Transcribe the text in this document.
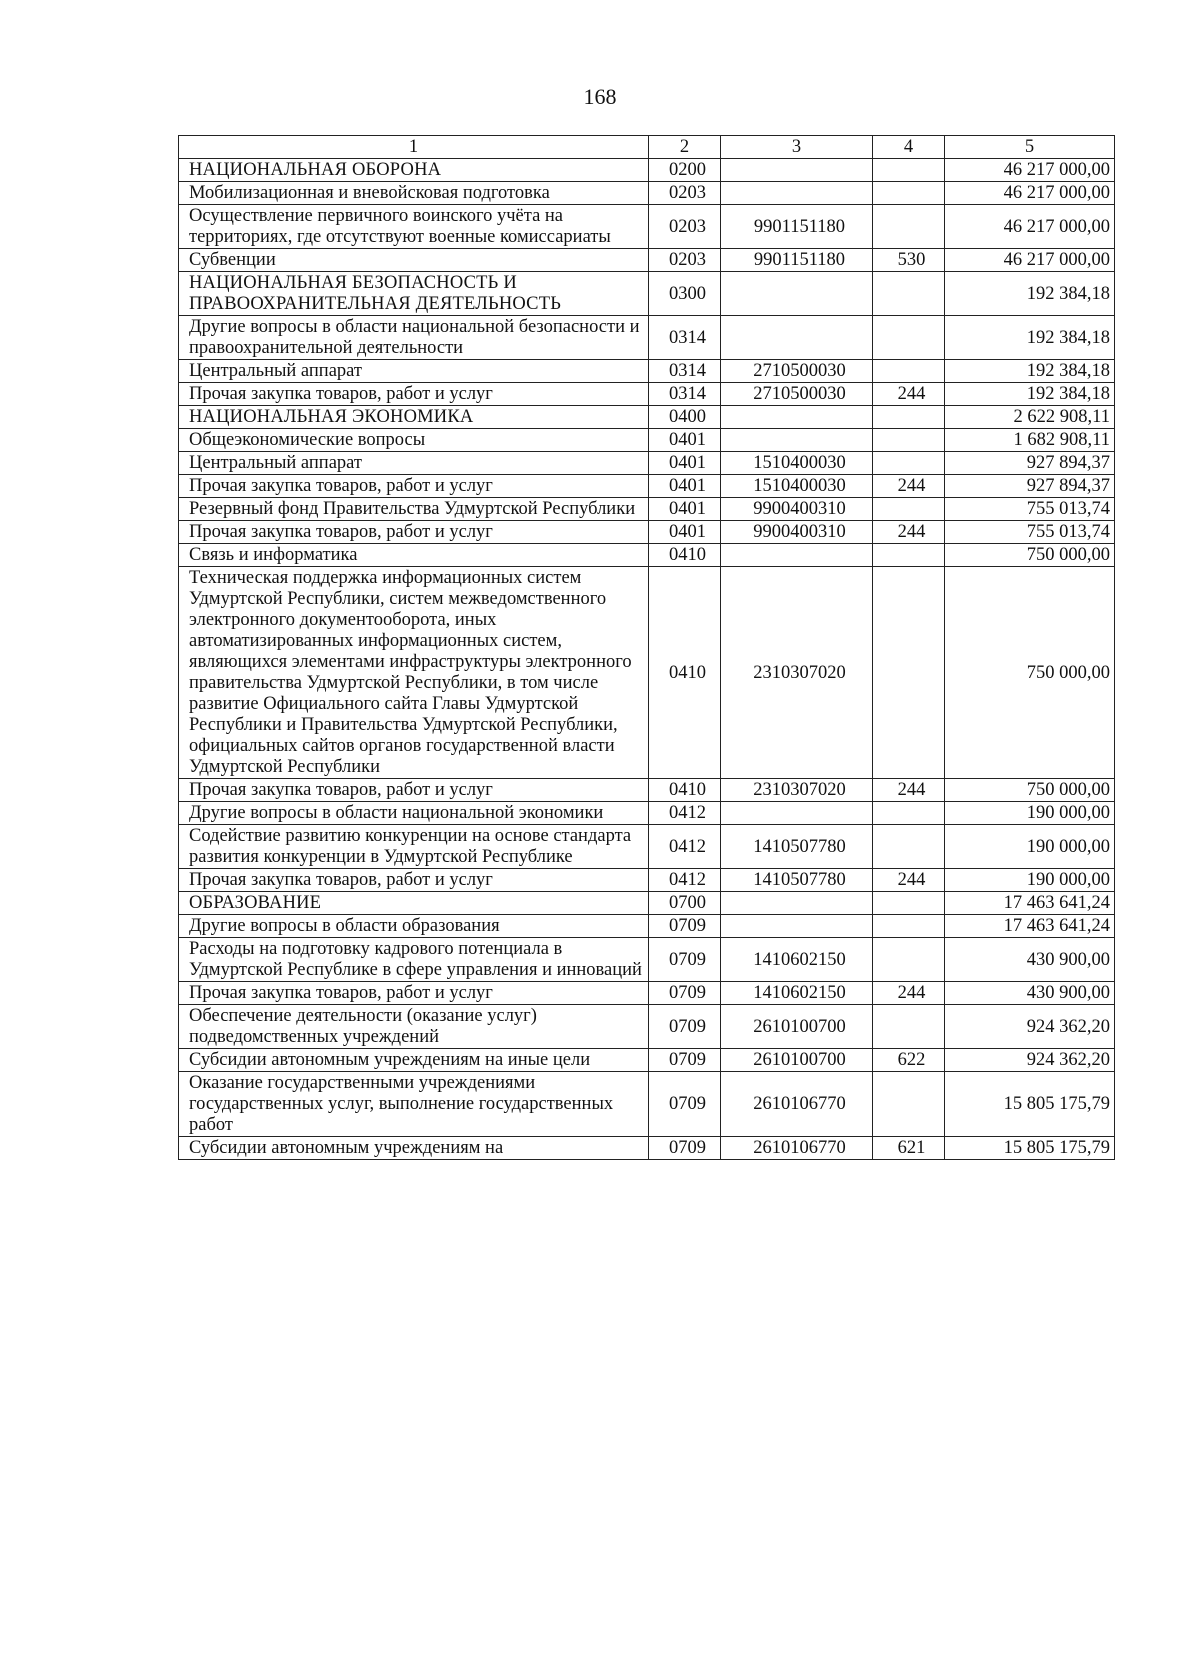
168
1	2	3	4	5
НАЦИОНАЛЬНАЯ ОБОРОНА	0200			46 217 000,00
Мобилизационная и вневойсковая подготовка	0203			46 217 000,00
Осуществление первичного воинского учёта на территориях, где отсутствуют военные комиссариаты	0203	9901151180		46 217 000,00
Субвенции	0203	9901151180	530	46 217 000,00
НАЦИОНАЛЬНАЯ БЕЗОПАСНОСТЬ И ПРАВООХРАНИТЕЛЬНАЯ ДЕЯТЕЛЬНОСТЬ	0300			192 384,18
Другие вопросы в области национальной безопасности и правоохранительной деятельности	0314			192 384,18
Центральный аппарат	0314	2710500030		192 384,18
Прочая закупка товаров, работ и услуг	0314	2710500030	244	192 384,18
НАЦИОНАЛЬНАЯ ЭКОНОМИКА	0400			2 622 908,11
Общеэкономические вопросы	0401			1 682 908,11
Центральный аппарат	0401	1510400030		927 894,37
Прочая закупка товаров, работ и услуг	0401	1510400030	244	927 894,37
Резервный фонд Правительства Удмуртской Республики	0401	9900400310		755 013,74
Прочая закупка товаров, работ и услуг	0401	9900400310	244	755 013,74
Связь и информатика	0410			750 000,00
Техническая поддержка информационных систем Удмуртской Республики, систем межведомственного электронного документооборота, иных автоматизированных информационных систем, являющихся элементами инфраструктуры электронного правительства Удмуртской Республики, в том числе развитие Официального сайта Главы Удмуртской Республики и Правительства Удмуртской Республики, официальных сайтов органов государственной власти Удмуртской Республики	0410	2310307020		750 000,00
Прочая закупка товаров, работ и услуг	0410	2310307020	244	750 000,00
Другие вопросы в области национальной экономики	0412			190 000,00
Содействие развитию конкуренции на основе стандарта развития конкуренции в Удмуртской Республике	0412	1410507780		190 000,00
Прочая закупка товаров, работ и услуг	0412	1410507780	244	190 000,00
ОБРАЗОВАНИЕ	0700			17 463 641,24
Другие вопросы в области образования	0709			17 463 641,24
Расходы на подготовку кадрового потенциала в Удмуртской Республике в сфере управления и инноваций	0709	1410602150		430 900,00
Прочая закупка товаров, работ и услуг	0709	1410602150	244	430 900,00
Обеспечение деятельности (оказание услуг) подведомственных учреждений	0709	2610100700		924 362,20
Субсидии автономным учреждениям на иные цели	0709	2610100700	622	924 362,20
Оказание государственными учреждениями государственных услуг, выполнение государственных работ	0709	2610106770		15 805 175,79
Субсидии автономным учреждениям на	0709	2610106770	621	15 805 175,79
